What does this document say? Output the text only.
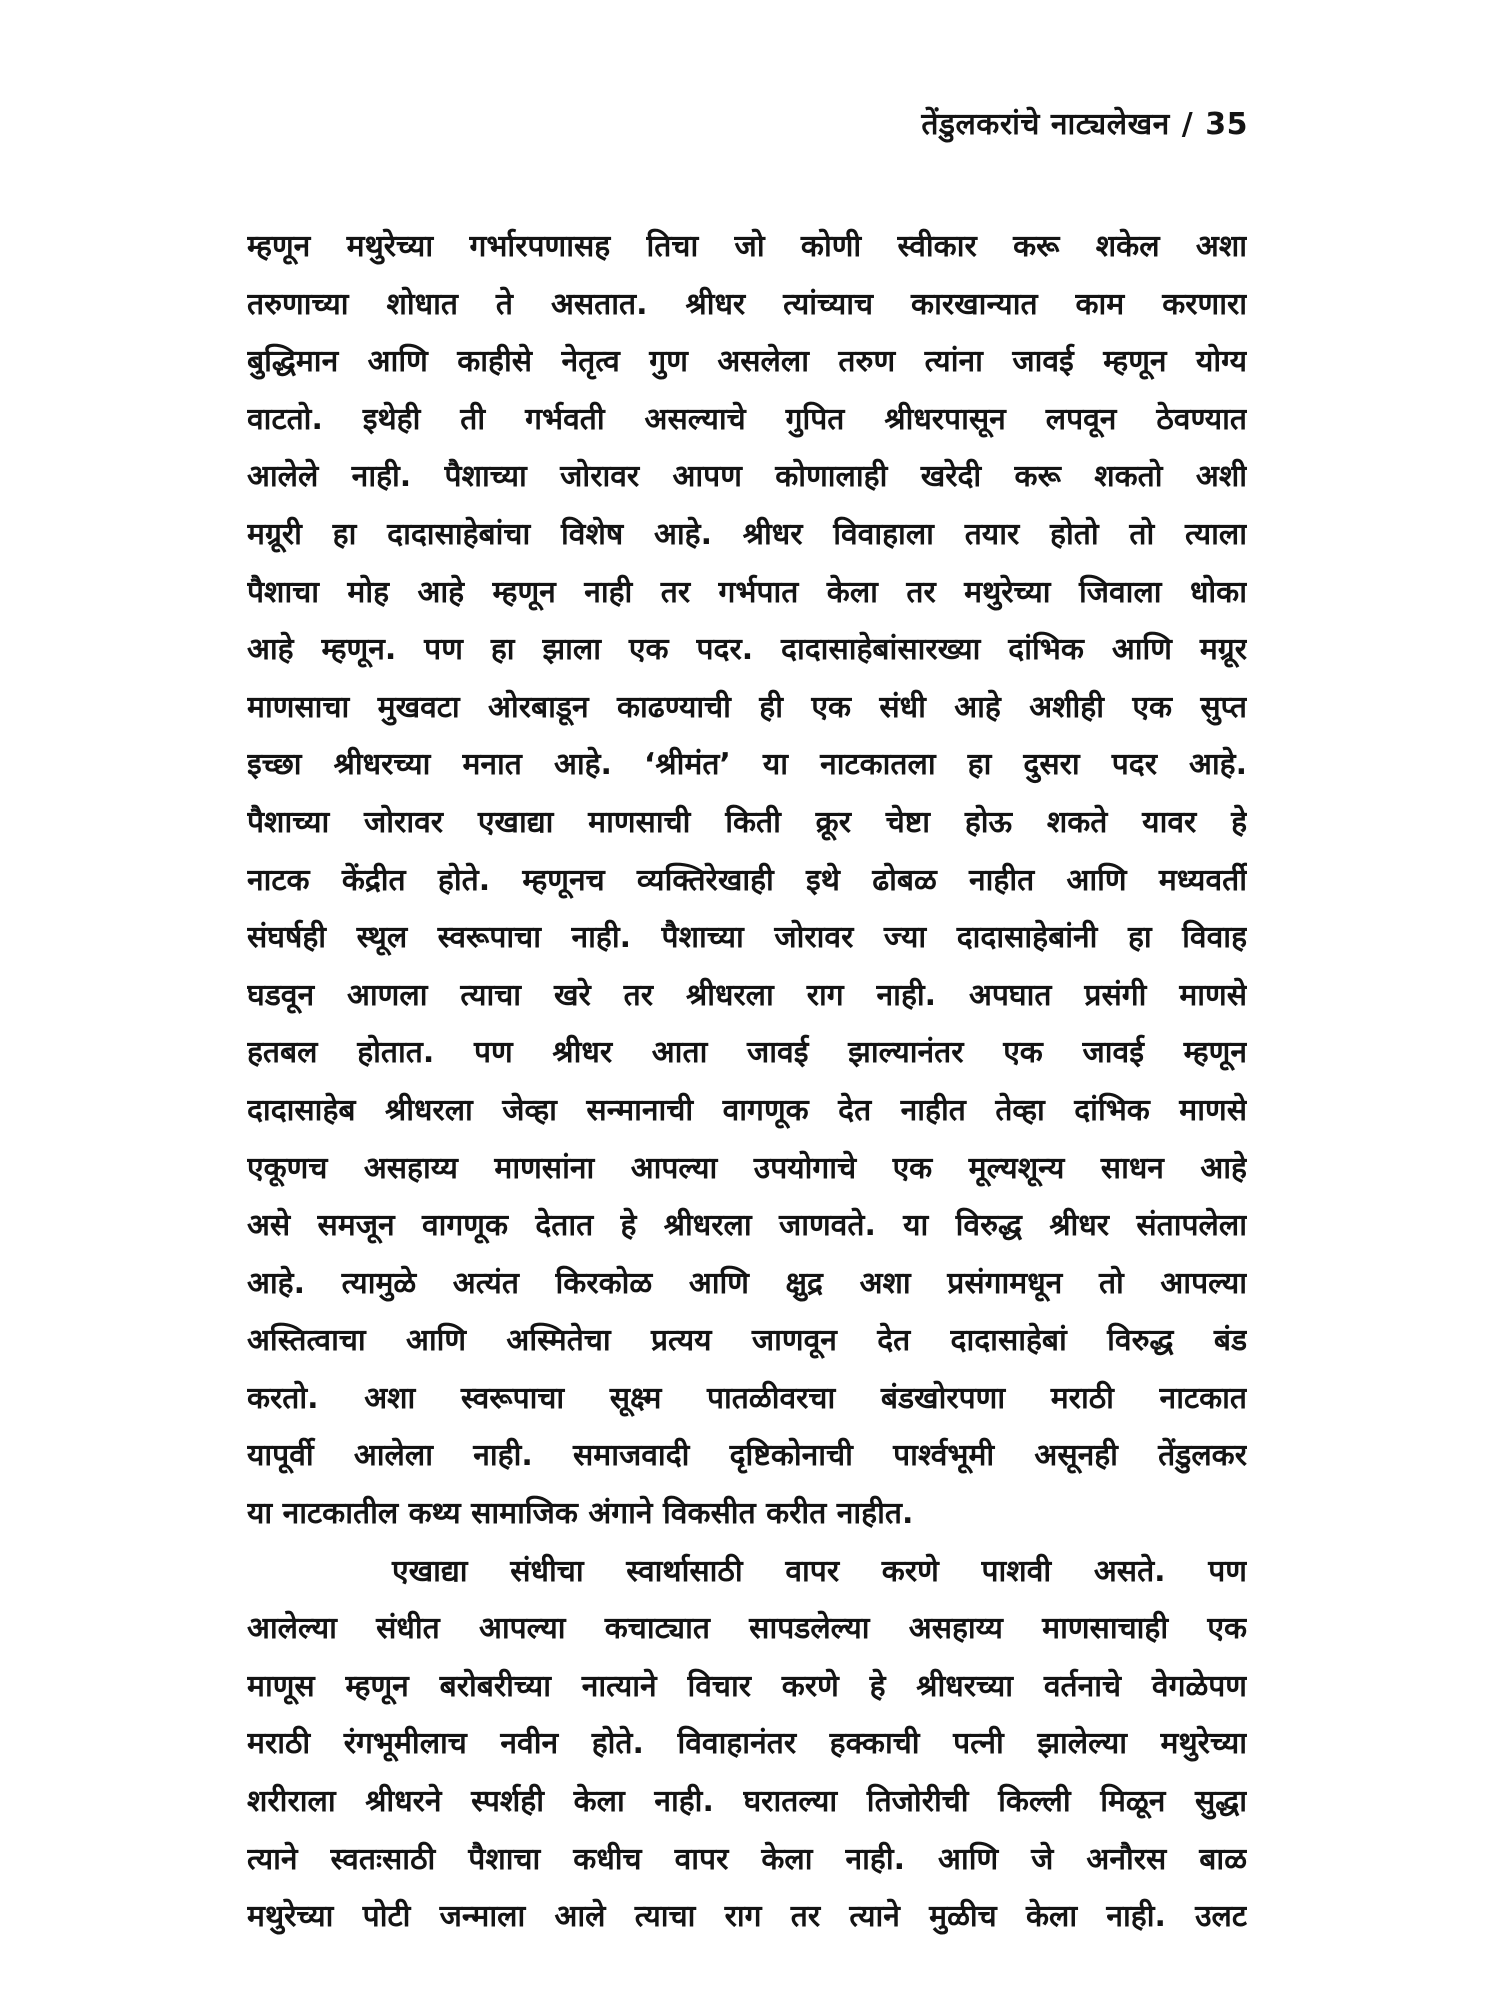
तेंडुलकरांचे नाट्यलेखन / 35
म्हणून मथुरेच्या गर्भारपणासह तिचा जो कोणी स्वीकार करू शकेल अशा
तरुणाच्या शोधात ते असतात. श्रीधर त्यांच्याच कारखान्यात काम करणारा
बुद्धिमान आणि काहीसे नेतृत्व गुण असलेला तरुण त्यांना जावई म्हणून योग्य
वाटतो. इथेही ती गर्भवती असल्याचे गुपित श्रीधरपासून लपवून ठेवण्यात
आलेले नाही. पैशाच्या जोरावर आपण कोणालाही खरेदी करू शकतो अशी
मग्रूरी हा दादासाहेबांचा विशेष आहे. श्रीधर विवाहाला तयार होतो तो त्याला
पैशाचा मोह आहे म्हणून नाही तर गर्भपात केला तर मथुरेच्या जिवाला धोका
आहे म्हणून. पण हा झाला एक पदर. दादासाहेबांसारख्या दांभिक आणि मग्रूर
माणसाचा मुखवटा ओरबाडून काढण्याची ही एक संधी आहे अशीही एक सुप्त
इच्छा श्रीधरच्या मनात आहे. ‘श्रीमंत’ या नाटकातला हा दुसरा पदर आहे.
पैशाच्या जोरावर एखाद्या माणसाची किती क्रूर चेष्टा होऊ शकते यावर हे
नाटक केंद्रीत होते. म्हणूनच व्यक्तिरेखाही इथे ढोबळ नाहीत आणि मध्यवर्ती
संघर्षही स्थूल स्वरूपाचा नाही. पैशाच्या जोरावर ज्या दादासाहेबांनी हा विवाह
घडवून आणला त्याचा खरे तर श्रीधरला राग नाही. अपघात प्रसंगी माणसे
हतबल होतात. पण श्रीधर आता जावई झाल्यानंतर एक जावई म्हणून
दादासाहेब श्रीधरला जेव्हा सन्मानाची वागणूक देत नाहीत तेव्हा दांभिक माणसे
एकूणच असहाय्य माणसांना आपल्या उपयोगाचे एक मूल्यशून्य साधन आहे
असे समजून वागणूक देतात हे श्रीधरला जाणवते. या विरुद्ध श्रीधर संतापलेला
आहे. त्यामुळे अत्यंत किरकोळ आणि क्षुद्र अशा प्रसंगामधून तो आपल्या
अस्तित्वाचा आणि अस्मितेचा प्रत्यय जाणवून देत दादासाहेबां विरुद्ध बंड
करतो. अशा स्वरूपाचा सूक्ष्म पातळीवरचा बंडखोरपणा मराठी नाटकात
यापूर्वी आलेला नाही. समाजवादी दृष्टिकोनाची पार्श्वभूमी असूनही तेंडुलकर
या नाटकातील कथ्य सामाजिक अंगाने विकसीत करीत नाहीत.
एखाद्या संधीचा स्वार्थासाठी वापर करणे पाशवी असते. पण
आलेल्या संधीत आपल्या कचाट्यात सापडलेल्या असहाय्य माणसाचाही एक
माणूस म्हणून बरोबरीच्या नात्याने विचार करणे हे श्रीधरच्या वर्तनाचे वेगळेपण
मराठी रंगभूमीलाच नवीन होते. विवाहानंतर हक्काची पत्नी झालेल्या मथुरेच्या
शरीराला श्रीधरने स्पर्शही केला नाही. घरातल्या तिजोरीची किल्ली मिळून सुद्धा
त्याने स्वतःसाठी पैशाचा कधीच वापर केला नाही. आणि जे अनौरस बाळ
मथुरेच्या पोटी जन्माला आले त्याचा राग तर त्याने मुळीच केला नाही. उलट
